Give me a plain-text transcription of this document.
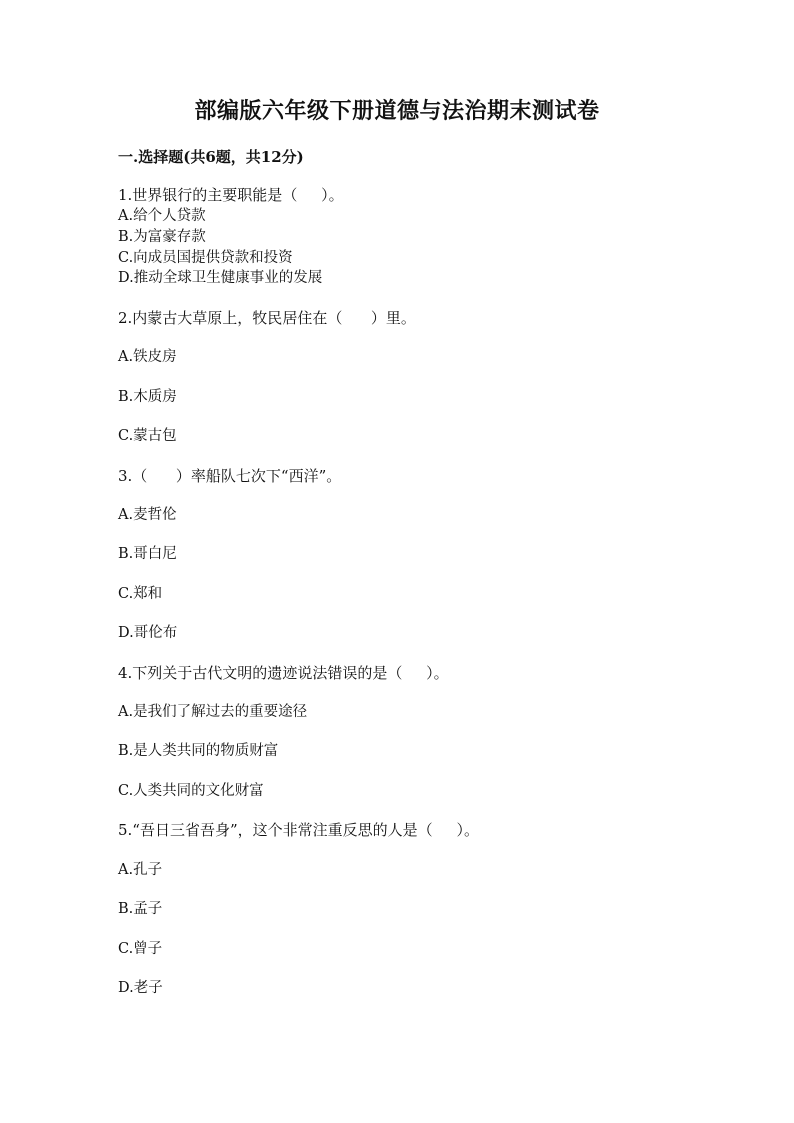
部编版六年级下册道德与法治期末测试卷
一.选择题(共6题，共12分)
1.世界银行的主要职能是（     ）。
A.给个人贷款
B.为富豪存款
C.向成员国提供贷款和投资
D.推动全球卫生健康事业的发展
2.内蒙古大草原上，牧民居住在（      ）里。
A.铁皮房
B.木质房
C.蒙古包
3.（      ）率船队七次下“西洋”。
A.麦哲伦
B.哥白尼
C.郑和
D.哥伦布
4.下列关于古代文明的遗迹说法错误的是（     ）。
A.是我们了解过去的重要途径
B.是人类共同的物质财富
C.人类共同的文化财富
5.“吾日三省吾身”，这个非常注重反思的人是（     ）。
A.孔子
B.孟子
C.曾子
D.老子
